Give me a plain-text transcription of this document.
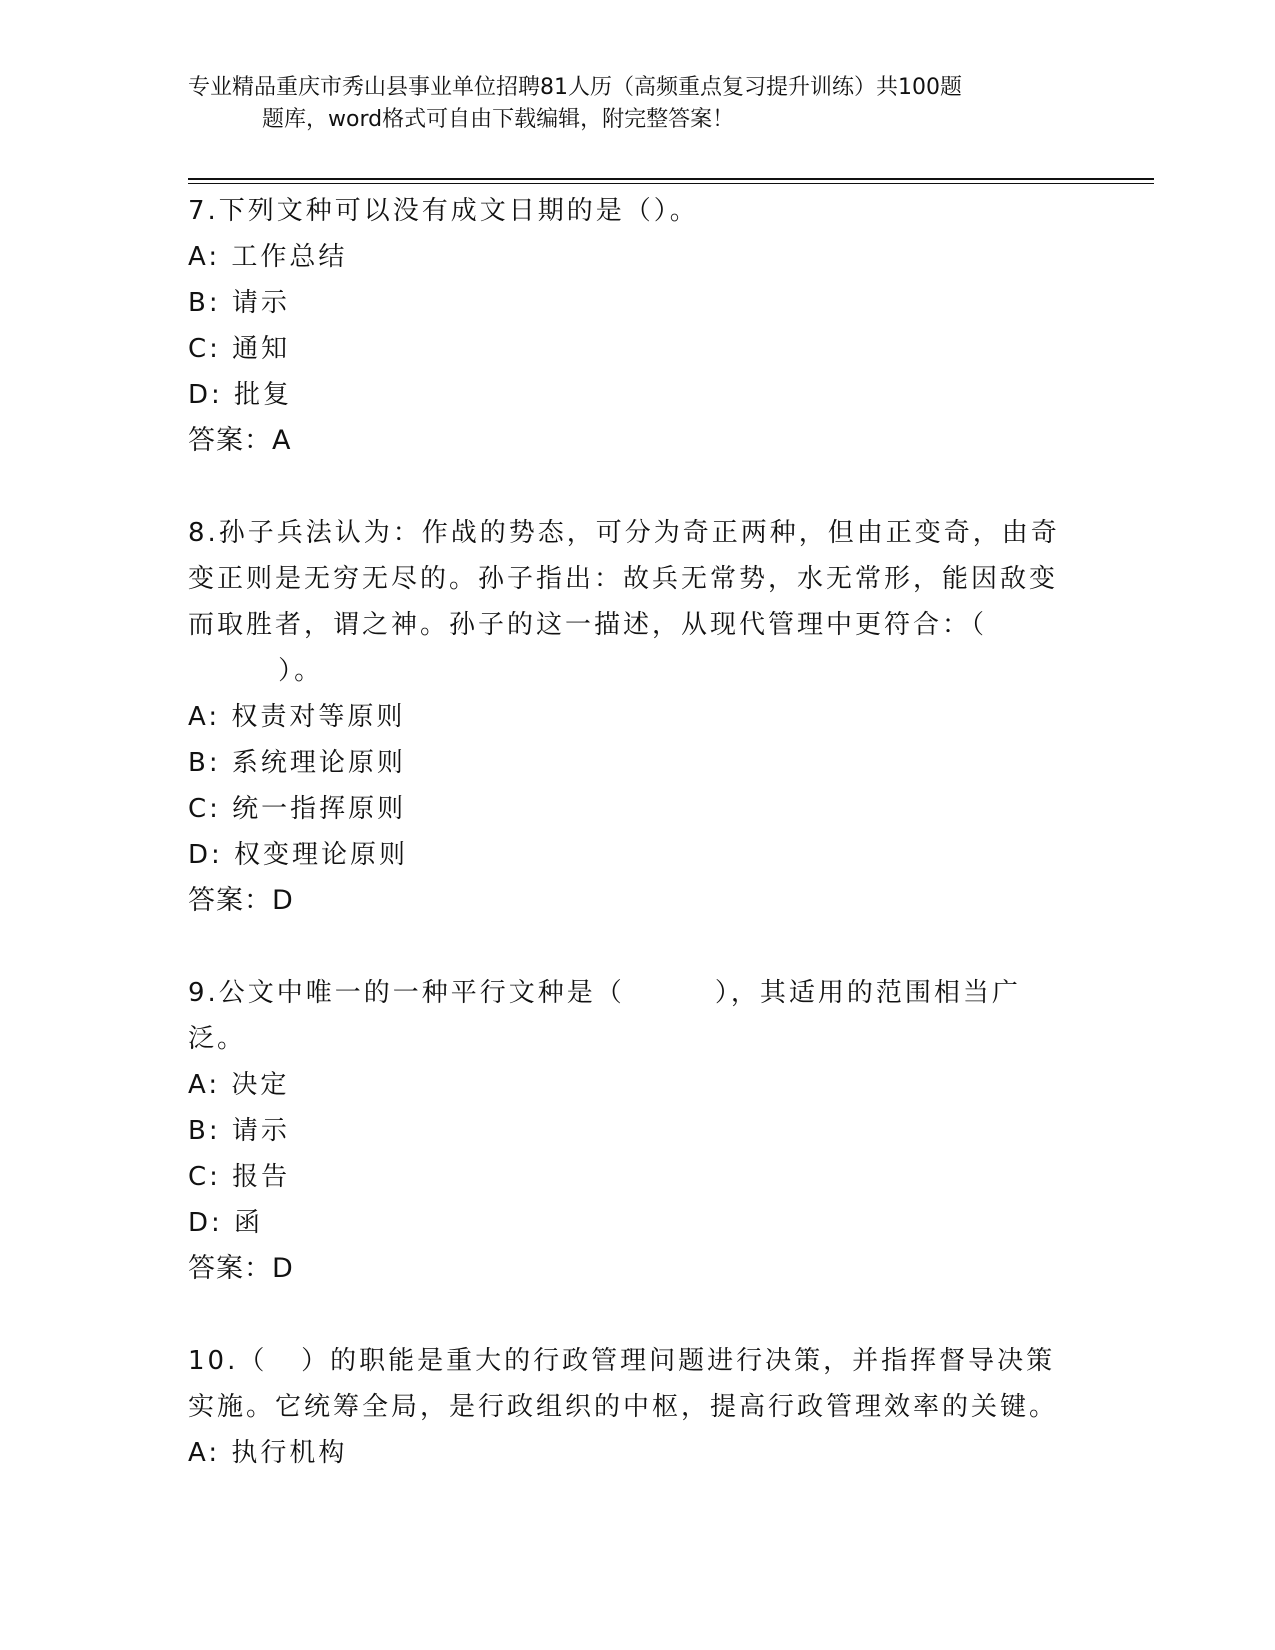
专业精品重庆市秀山县事业单位招聘81人历（高频重点复习提升训练）共100题
题库，word格式可自由下载编辑，附完整答案！
7.下列文种可以没有成文日期的是（）。
A: 工作总结
B: 请示
C: 通知
D: 批复
答案：A
8.孙子兵法认为：作战的势态，可分为奇正两种，但由正变奇，由奇
变正则是无穷无尽的。孙子指出：故兵无常势，水无常形，能因敌变
而取胜者，谓之神。孙子的这一描述，从现代管理中更符合：（
）。
A: 权责对等原则
B: 系统理论原则
C: 统一指挥原则
D: 权变理论原则
答案：D
9.公文中唯一的一种平行文种是（        ），其适用的范围相当广
泛。
A: 决定
B: 请示
C: 报告
D: 函
答案：D
10.（   ）的职能是重大的行政管理问题进行决策，并指挥督导决策
实施。它统筹全局，是行政组织的中枢，提高行政管理效率的关键。
A: 执行机构
